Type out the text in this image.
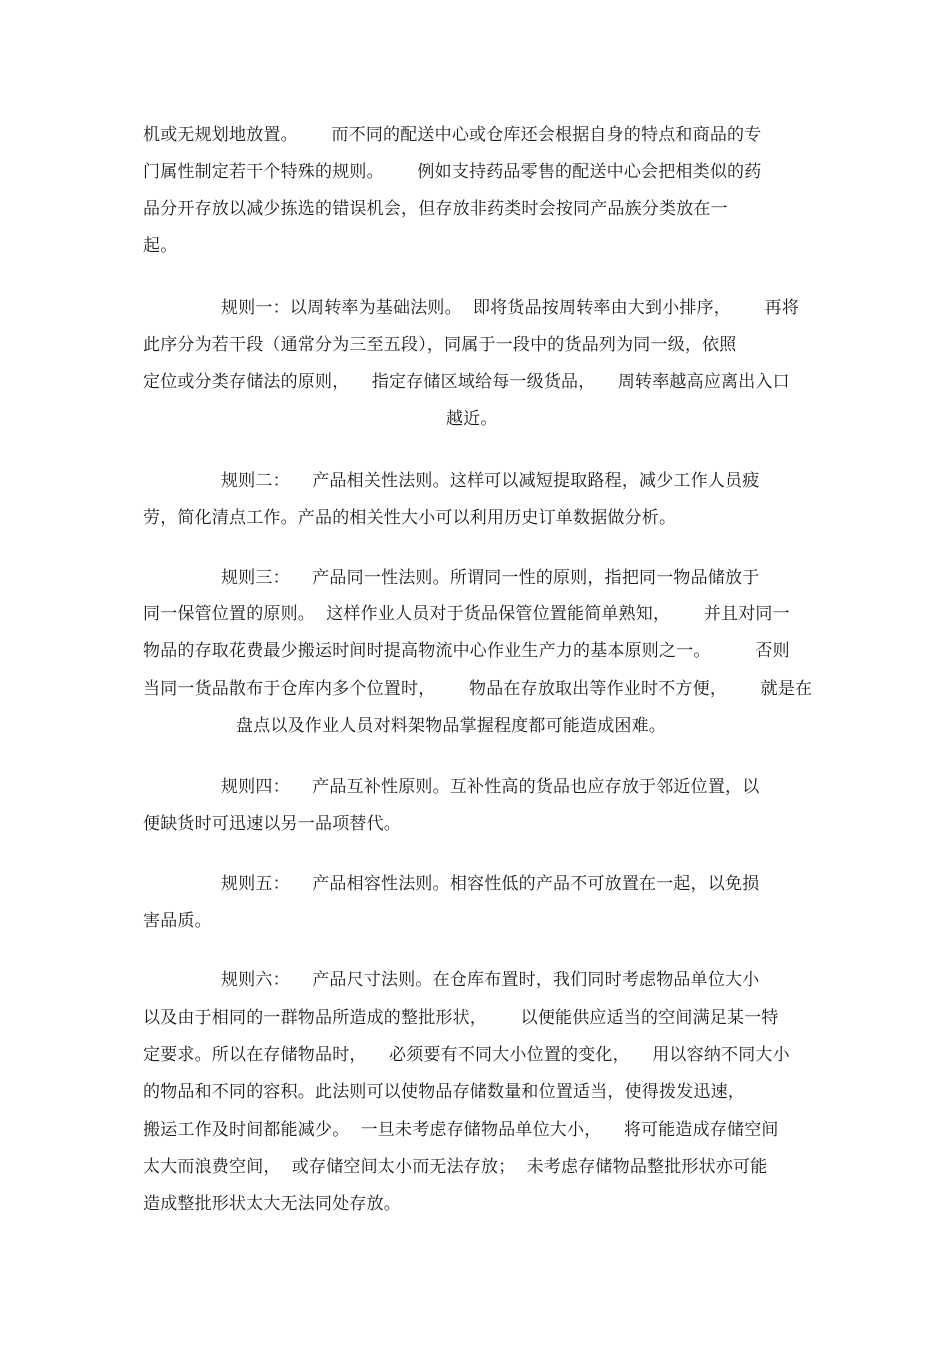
机或无规划地放置。      而不同的配送中心或仓库还会根据自身的特点和商品的专
门属性制定若干个特殊的规则。      例如支持药品零售的配送中心会把相类似的药
品分开存放以减少拣选的错误机会，但存放非药类时会按同产品族分类放在一
起。
规则一：以周转率为基础法则。  即将货品按周转率由大到小排序，      再将
此序分为若干段（通常分为三至五段），同属于一段中的货品列为同一级，依照
定位或分类存储法的原则，    指定存储区域给每一级货品，    周转率越高应离出入口
越近。
规则二：    产品相关性法则。这样可以减短提取路程，减少工作人员疲
劳，简化清点工作。产品的相关性大小可以利用历史订单数据做分析。
规则三：    产品同一性法则。所谓同一性的原则，指把同一物品储放于
同一保管位置的原则。  这样作业人员对于货品保管位置能简单熟知，      并且对同一
物品的存取花费最少搬运时间时提高物流中心作业生产力的基本原则之一。        否则
当同一货品散布于仓库内多个位置时，      物品在存放取出等作业时不方便，      就是在
盘点以及作业人员对料架物品掌握程度都可能造成困难。
规则四：    产品互补性原则。互补性高的货品也应存放于邻近位置，以
便缺货时可迅速以另一品项替代。
规则五：    产品相容性法则。相容性低的产品不可放置在一起，以免损
害品质。
规则六：    产品尺寸法则。在仓库布置时，我们同时考虑物品单位大小
以及由于相同的一群物品所造成的整批形状，      以便能供应适当的空间满足某一特
定要求。所以在存储物品时，    必须要有不同大小位置的变化，    用以容纳不同大小
的物品和不同的容积。此法则可以使物品存储数量和位置适当，使得拨发迅速，
搬运工作及时间都能减少。  一旦未考虑存储物品单位大小，    将可能造成存储空间
太大而浪费空间，  或存储空间太小而无法存放；  未考虑存储物品整批形状亦可能
造成整批形状太大无法同处存放。
